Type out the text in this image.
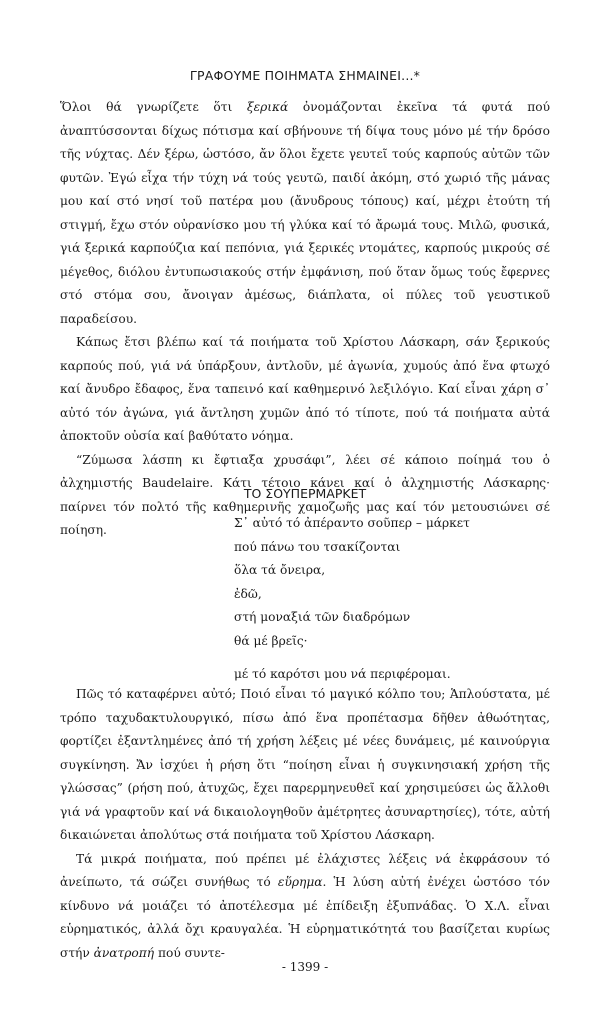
ΓΡΑΦΟΥΜΕ ΠΟΙΗΜΑΤΑ ΣΗΜΑΙΝΕΙ...*

Ὅλοι θά γνωρίζετε ὅτι ξερικά ὀνομάζονται ἐκεῖνα τά φυτά πού ἀναπτύσσονται δίχως πότισμα καί σβήνουνε τή δίψα τους μόνο μέ τήν δρόσο τῆς νύχτας. Δέν ξέρω, ὡστόσο, ἄν ὅλοι ἔχετε γευτεῖ τούς καρπούς αὐτῶν τῶν φυτῶν. Ἐγώ εἶχα τήν τύχη νά τούς γευτῶ, παιδί ἀκόμη, στό χωριό τῆς μάνας μου καί στό νησί τοῦ πατέρα μου (ἄνυδρους τόπους) καί, μέχρι ἐτούτη τή στιγμή, ἔχω στόν οὐρανίσκο μου τή γλύκα καί τό ἄρωμά τους. Μιλῶ, φυσικά, γιά ξερικά καρπούζια καί πεπόνια, γιά ξερικές ντομάτες, καρπούς μικρούς σέ μέγεθος, διόλου ἐντυπωσιακούς στήν ἐμφάνιση, πού ὅταν ὅμως τούς ἔφερνες στό στόμα σου, ἄνοιγαν ἀμέσως, διάπλατα, οἱ πύλες τοῦ γευστικοῦ παραδείσου.

Κάπως ἔτσι βλέπω καί τά ποιήματα τοῦ Χρίστου Λάσκαρη, σάν ξερικούς καρπούς πού, γιά νά ὑπάρξουν, ἀντλοῦν, μέ ἀγωνία, χυμούς ἀπό ἕνα φτωχό καί ἄνυδρο ἔδαφος, ἕνα ταπεινό καί καθημερινό λεξιλόγιο. Καί εἶναι χάρη σ᾽ αὐτό τόν ἀγώνα, γιά ἄντληση χυμῶν ἀπό τό τίποτε, πού τά ποιήματα αὐτά ἀποκτοῦν οὐσία καί βαθύτατο νόημα.

“Ζύμωσα λάσπη κι ἔφτιαξα χρυσάφι”, λέει σέ κάποιο ποίημά του ὁ ἀλχημιστής Baudelaire. Κάτι τέτοιο κάνει καί ὁ ἀλχημιστής Λάσκαρης· παίρνει τόν πολτό τῆς καθημερινῆς χαμοζωῆς μας καί τόν μετουσιώνει σέ ποίηση.

ΤΟ ΣΟΥΠΕΡΜΑΡΚΕΤ
Σ᾽ αὐτό τό ἀπέραντο σοῦπερ – μάρκετ
πού πάνω του τσακίζονται
ὅλα τά ὄνειρα,
ἐδῶ,
στή μοναξιά τῶν διαδρόμων
θά μέ βρεῖς·
μέ τό καρότσι μου νά περιφέρομαι.

Πῶς τό καταφέρνει αὐτό; Ποιό εἶναι τό μαγικό κόλπο του; Ἁπλούστατα, μέ τρόπο ταχυδακτυλουργικό, πίσω ἀπό ἕνα προπέτασμα δῆθεν ἀθωότητας, φορτίζει ἐξαντλημένες ἀπό τή χρήση λέξεις μέ νέες δυνάμεις, μέ καινούργια συγκίνηση. Ἄν ἰσχύει ἡ ρήση ὅτι “ποίηση εἶναι ἡ συγκινησιακή χρήση τῆς γλώσσας” (ρήση πού, ἀτυχῶς, ἔχει παρερμηνευθεῖ καί χρησιμεύσει ὡς ἄλλοθι γιά νά γραφτοῦν καί νά δικαιολογηθοῦν ἀμέτρητες ἀσυναρτησίες), τότε, αὐτή δικαιώνεται ἀπολύτως στά ποιήματα τοῦ Χρίστου Λάσκαρη.

Τά μικρά ποιήματα, πού πρέπει μέ ἐλάχιστες λέξεις νά ἐκφράσουν τό ἀνείπωτο, τά σώζει συνήθως τό εὕρημα. Ἡ λύση αὐτή ἐνέχει ὡστόσο τόν κίνδυνο νά μοιάζει τό ἀποτέλεσμα μέ ἐπίδειξη ἐξυπνάδας. Ὁ Χ.Λ. εἶναι εὑρηματικός, ἀλλά ὄχι κραυγαλέα. Ἡ εὑρηματικότητά του βασίζεται κυρίως στήν ἀνατροπή πού συντε-

- 1399 -
